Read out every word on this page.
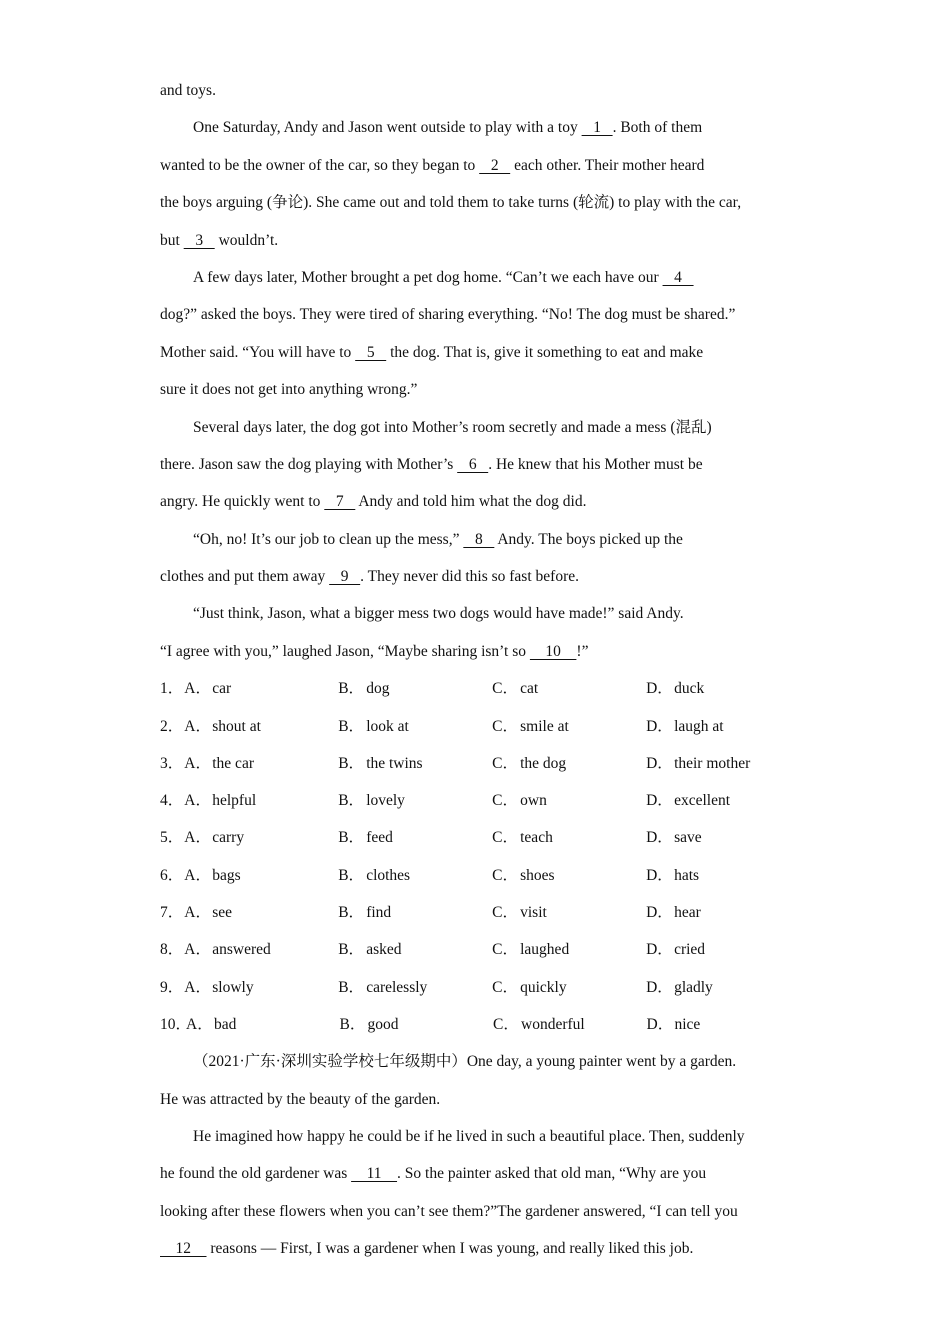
and toys.
One Saturday, Andy and Jason went outside to play with a toy    1   . Both of them
wanted to be the owner of the car, so they began to    2    each other. Their mother heard
the boys arguing (争论). She came out and told them to take turns (轮流) to play with the car,
but    3    wouldn’t.
A few days later, Mother brought a pet dog home. “Can’t we each have our    4
dog?” asked the boys. They were tired of sharing everything. “No! The dog must be shared.”
Mother said. “You will have to    5    the dog. That is, give it something to eat and make
sure it does not get into anything wrong.”
Several days later, the dog got into Mother’s room secretly and made a mess (混乱)
there. Jason saw the dog playing with Mother’s    6   . He knew that his Mother must be
angry. He quickly went to    7    Andy and told him what the dog did.
“Oh, no! It’s our job to clean up the mess,”    8    Andy. The boys picked up the
clothes and put them away    9   . They never did this so fast before.
“Just think, Jason, what a bigger mess two dogs would have made!” said Andy.
“I agree with you,” laughed Jason, “Maybe sharing isn’t so     10    !”
1． A． car	B． dog	C． cat	D． duck
2． A． shout at	B． look at	C． smile at	D． laugh at
3． A． the car	B． the twins	C． the dog	D． their mother
4． A． helpful	B． lovely	C． own	D． excellent
5． A． carry	B． feed	C． teach	D． save
6． A． bags	B． clothes	C． shoes	D． hats
7． A． see	B． find	C． visit	D． hear
8． A． answered	B． asked	C． laughed	D． cried
9． A． slowly	B． carelessly	C． quickly	D． gladly
10．
A． bad	B． good	C． wonderful	D． nice
（2021·广东·深圳实验学校七年级期中）One day, a young painter went by a garden.
He was attracted by the beauty of the garden.
He imagined how happy he could be if he lived in such a beautiful place. Then, suddenly
he found the old gardener was     11    . So the painter asked that old man, “Why are you
looking after these flowers when you can’t see them?”The gardener answered, “I can tell you
12     reasons — First, I was a gardener when I was young, and really liked this job.
